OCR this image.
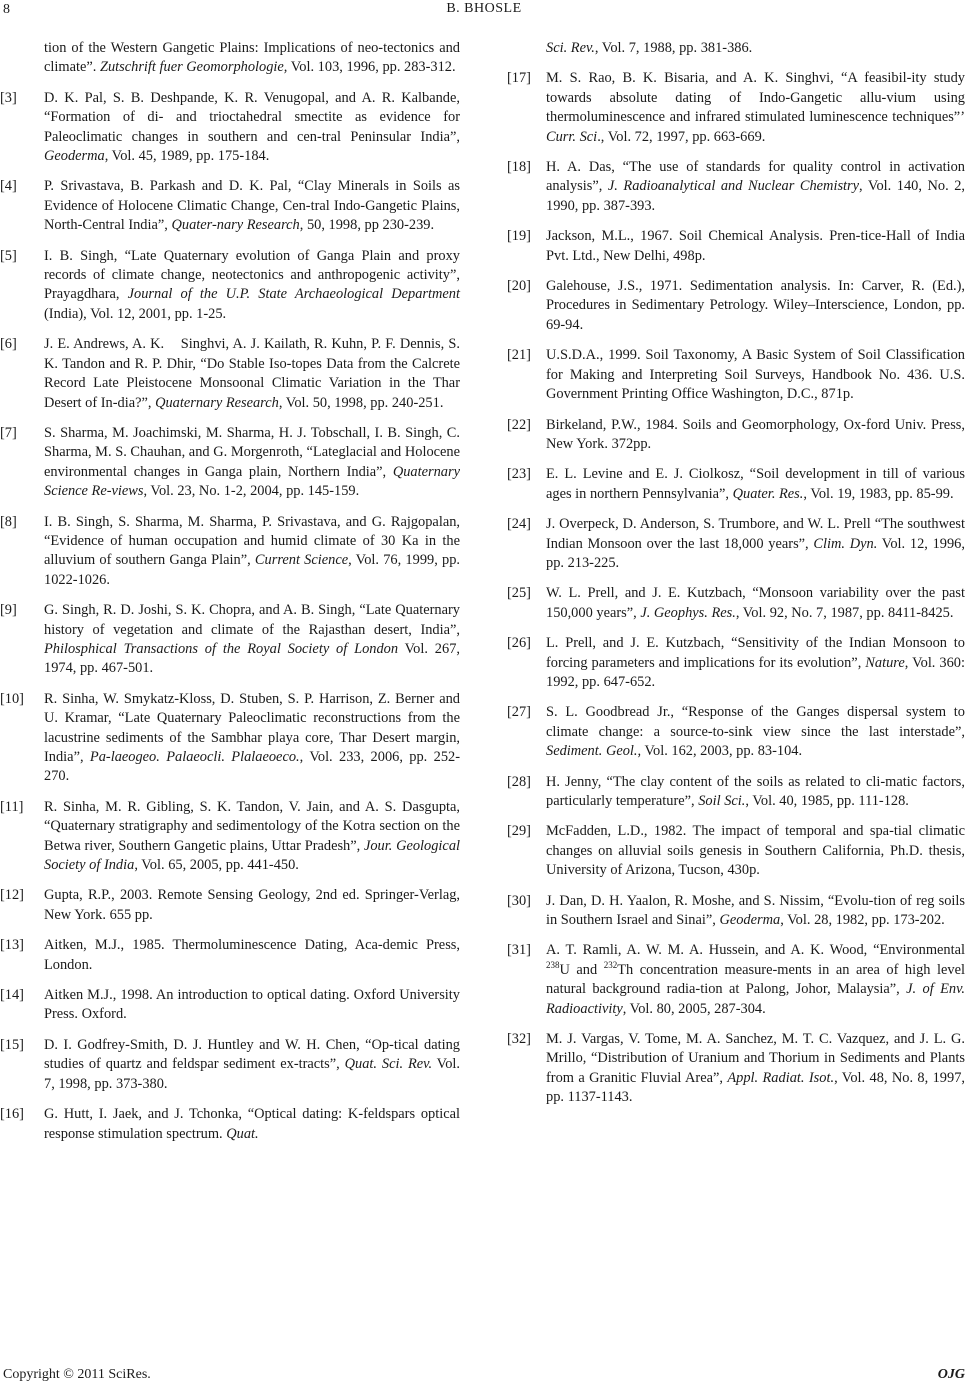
8	B. BHOSLE
tion of the Western Gangetic Plains: Implications of neo-tectonics and climate”. Zutschrift fuer Geomorphologie, Vol. 103, 1996, pp. 283-312.
[3]	D. K. Pal, S. B. Deshpande, K. R. Venugopal, and A. R. Kalbande, “Formation of di- and trioctahedral smectite as evidence for Paleoclimatic changes in southern and cen-tral Peninsular India”, Geoderma, Vol. 45, 1989, pp. 175-184.
[4]	P. Srivastava, B. Parkash and D. K. Pal, “Clay Minerals in Soils as Evidence of Holocene Climatic Change, Cen-tral Indo-Gangetic Plains, North-Central India”, Quater-nary Research, 50, 1998, pp 230-239.
[5]	I. B. Singh, “Late Quaternary evolution of Ganga Plain and proxy records of climate change, neotectonics and anthropogenic activity”, Prayagdhara, Journal of the U.P. State Archaeological Department (India), Vol. 12, 2001, pp. 1-25.
[6]	J. E. Andrews, A. K.    Singhvi, A. J. Kailath, R. Kuhn, P. F. Dennis, S. K. Tandon and R. P. Dhir, “Do Stable Iso-topes Data from the Calcrete Record Late Pleistocene Monsoonal Climatic Variation in the Thar Desert of In-dia?”, Quaternary Research, Vol. 50, 1998, pp. 240-251.
[7]	S. Sharma, M. Joachimski, M. Sharma, H. J. Tobschall, I. B. Singh, C. Sharma, M. S. Chauhan, and G. Morgenroth, “Lateglacial and Holocene environmental changes in Ganga plain, Northern India”, Quaternary Science Re-views, Vol. 23, No. 1-2, 2004, pp. 145-159.
[8]	I. B. Singh, S. Sharma, M. Sharma, P. Srivastava, and G. Rajgopalan, “Evidence of human occupation and humid climate of 30 Ka in the alluvium of southern Ganga Plain”, Current Science, Vol. 76, 1999, pp. 1022-1026.
[9]	G. Singh, R. D. Joshi, S. K. Chopra, and A. B. Singh, “Late Quaternary history of vegetation and climate of the Rajasthan desert, India”, Philosphical Transactions of the Royal Society of London Vol. 267, 1974, pp. 467-501.
[10]	R. Sinha, W. Smykatz-Kloss, D. Stuben, S. P. Harrison, Z. Berner and U. Kramar, “Late Quaternary Paleoclimatic reconstructions from the lacustrine sediments of the Sambhar playa core, Thar Desert margin, India”, Pa-laeogeo. Palaeocli. Plalaeoeco., Vol. 233, 2006, pp. 252-270.
[11]	R. Sinha, M. R. Gibling, S. K. Tandon, V. Jain, and A. S. Dasgupta, “Quaternary stratigraphy and sedimentology of the Kotra section on the Betwa river, Southern Gangetic plains, Uttar Pradesh”, Jour. Geological Society of India, Vol. 65, 2005, pp. 441-450.
[12]	Gupta, R.P., 2003. Remote Sensing Geology, 2nd ed. Springer-Verlag, New York. 655 pp.
[13]	Aitken, M.J., 1985. Thermoluminescence Dating, Aca-demic Press, London.
[14]	Aitken M.J., 1998. An introduction to optical dating. Oxford University Press. Oxford.
[15]	D. I. Godfrey-Smith, D. J. Huntley and W. H. Chen, “Op-tical dating studies of quartz and feldspar sediment ex-tracts”, Quat. Sci. Rev. Vol. 7, 1998, pp. 373-380.
[16]	G. Hutt, I. Jaek, and J. Tchonka, “Optical dating: K-feldspars optical response stimulation spectrum. Quat.
Sci. Rev., Vol. 7, 1988, pp. 381-386.
[17]	M. S. Rao, B. K. Bisaria, and A. K. Singhvi, “A feasibil-ity study towards absolute dating of Indo-Gangetic allu-vium using thermoluminescence and infrared stimulated luminescence techniques”’ Curr. Sci., Vol. 72, 1997, pp. 663-669.
[18]	H. A. Das, “The use of standards for quality control in activation analysis”, J. Radioanalytical and Nuclear Chemistry, Vol. 140, No. 2, 1990, pp. 387-393.
[19]	Jackson, M.L., 1967. Soil Chemical Analysis. Pren-tice-Hall of India Pvt. Ltd., New Delhi, 498p.
[20]	Galehouse, J.S., 1971. Sedimentation analysis. In: Carver, R. (Ed.), Procedures in Sedimentary Petrology. Wiley–Interscience, London, pp. 69-94.
[21]	U.S.D.A., 1999. Soil Taxonomy, A Basic System of Soil Classification for Making and Interpreting Soil Surveys, Handbook No. 436. U.S. Government Printing Office Washington, D.C., 871p.
[22]	Birkeland, P.W., 1984. Soils and Geomorphology, Ox-ford Univ. Press, New York. 372pp.
[23]	E. L. Levine and E. J. Ciolkosz, “Soil development in till of various ages in northern Pennsylvania”, Quater. Res., Vol. 19, 1983, pp. 85-99.
[24]	J. Overpeck, D. Anderson, S. Trumbore, and W. L. Prell “The southwest Indian Monsoon over the last 18,000 years”, Clim. Dyn. Vol. 12, 1996, pp. 213-225.
[25]	W. L. Prell, and J. E. Kutzbach, “Monsoon variability over the past 150,000 years”, J. Geophys. Res., Vol. 92, No. 7, 1987, pp. 8411-8425.
[26]	L. Prell, and J. E. Kutzbach, “Sensitivity of the Indian Monsoon to forcing parameters and implications for its evolution”, Nature, Vol. 360: 1992, pp. 647-652.
[27]	S. L. Goodbread Jr., “Response of the Ganges dispersal system to climate change: a source-to-sink view since the last interstade”, Sediment. Geol., Vol. 162, 2003, pp. 83-104.
[28]	H. Jenny, “The clay content of the soils as related to cli-matic factors, particularly temperature”, Soil Sci., Vol. 40, 1985, pp. 111-128.
[29]	McFadden, L.D., 1982. The impact of temporal and spa-tial climatic changes on alluvial soils genesis in Southern California, Ph.D. thesis, University of Arizona, Tucson, 430p.
[30]	J. Dan, D. H. Yaalon, R. Moshe, and S. Nissim, “Evolu-tion of reg soils in Southern Israel and Sinai”, Geoderma, Vol. 28, 1982, pp. 173-202.
[31]	A. T. Ramli, A. W. M. A. Hussein, and A. K. Wood, “Environmental $^{238}$U and $^{232}$Th concentration measure-ments in an area of high level natural background radia-tion at Palong, Johor, Malaysia”, J. of Env. Radioactivity, Vol. 80, 2005, 287-304.
[32]	M. J. Vargas, V. Tome, M. A. Sanchez, M. T. C. Vazquez, and J. L. G. Mrillo, “Distribution of Uranium and Thorium in Sediments and Plants from a Granitic Fluvial Area”, Appl. Radiat. Isot., Vol. 48, No. 8, 1997, pp. 1137-1143.
Copyright © 2011 SciRes.	OJG
